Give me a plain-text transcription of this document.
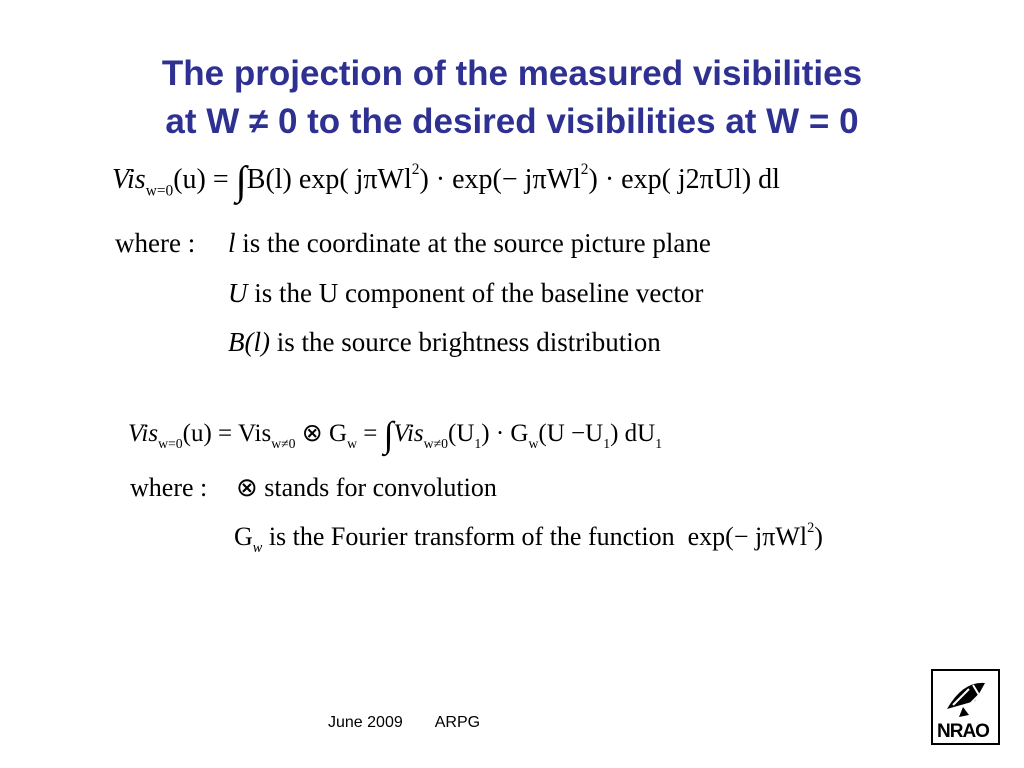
The projection of the measured visibilities
at W ≠ 0 to the desired visibilities at W = 0
Vis$_{w=0}$(u) = ∫B(l) exp( jπWl$^2$) · exp(− jπWl$^2$) · exp( j2πUl) dl
where : l is the coordinate at the source picture plane
U is the U component of the baseline vector
B(l) is the source brightness distribution
Vis$_{w=0}$(u) = Vis$_{w\ne 0}$ ⊗ $G_w = \int Vis_{w\ne 0}(U_1) \cdot G_w(U -U_1)$ $dU_1$
where : ⊗ stands for convolution
$G_w$ is the Fourier transform of the function exp(− jπWl$^2$)
June 2009 ARPG	NRAO
